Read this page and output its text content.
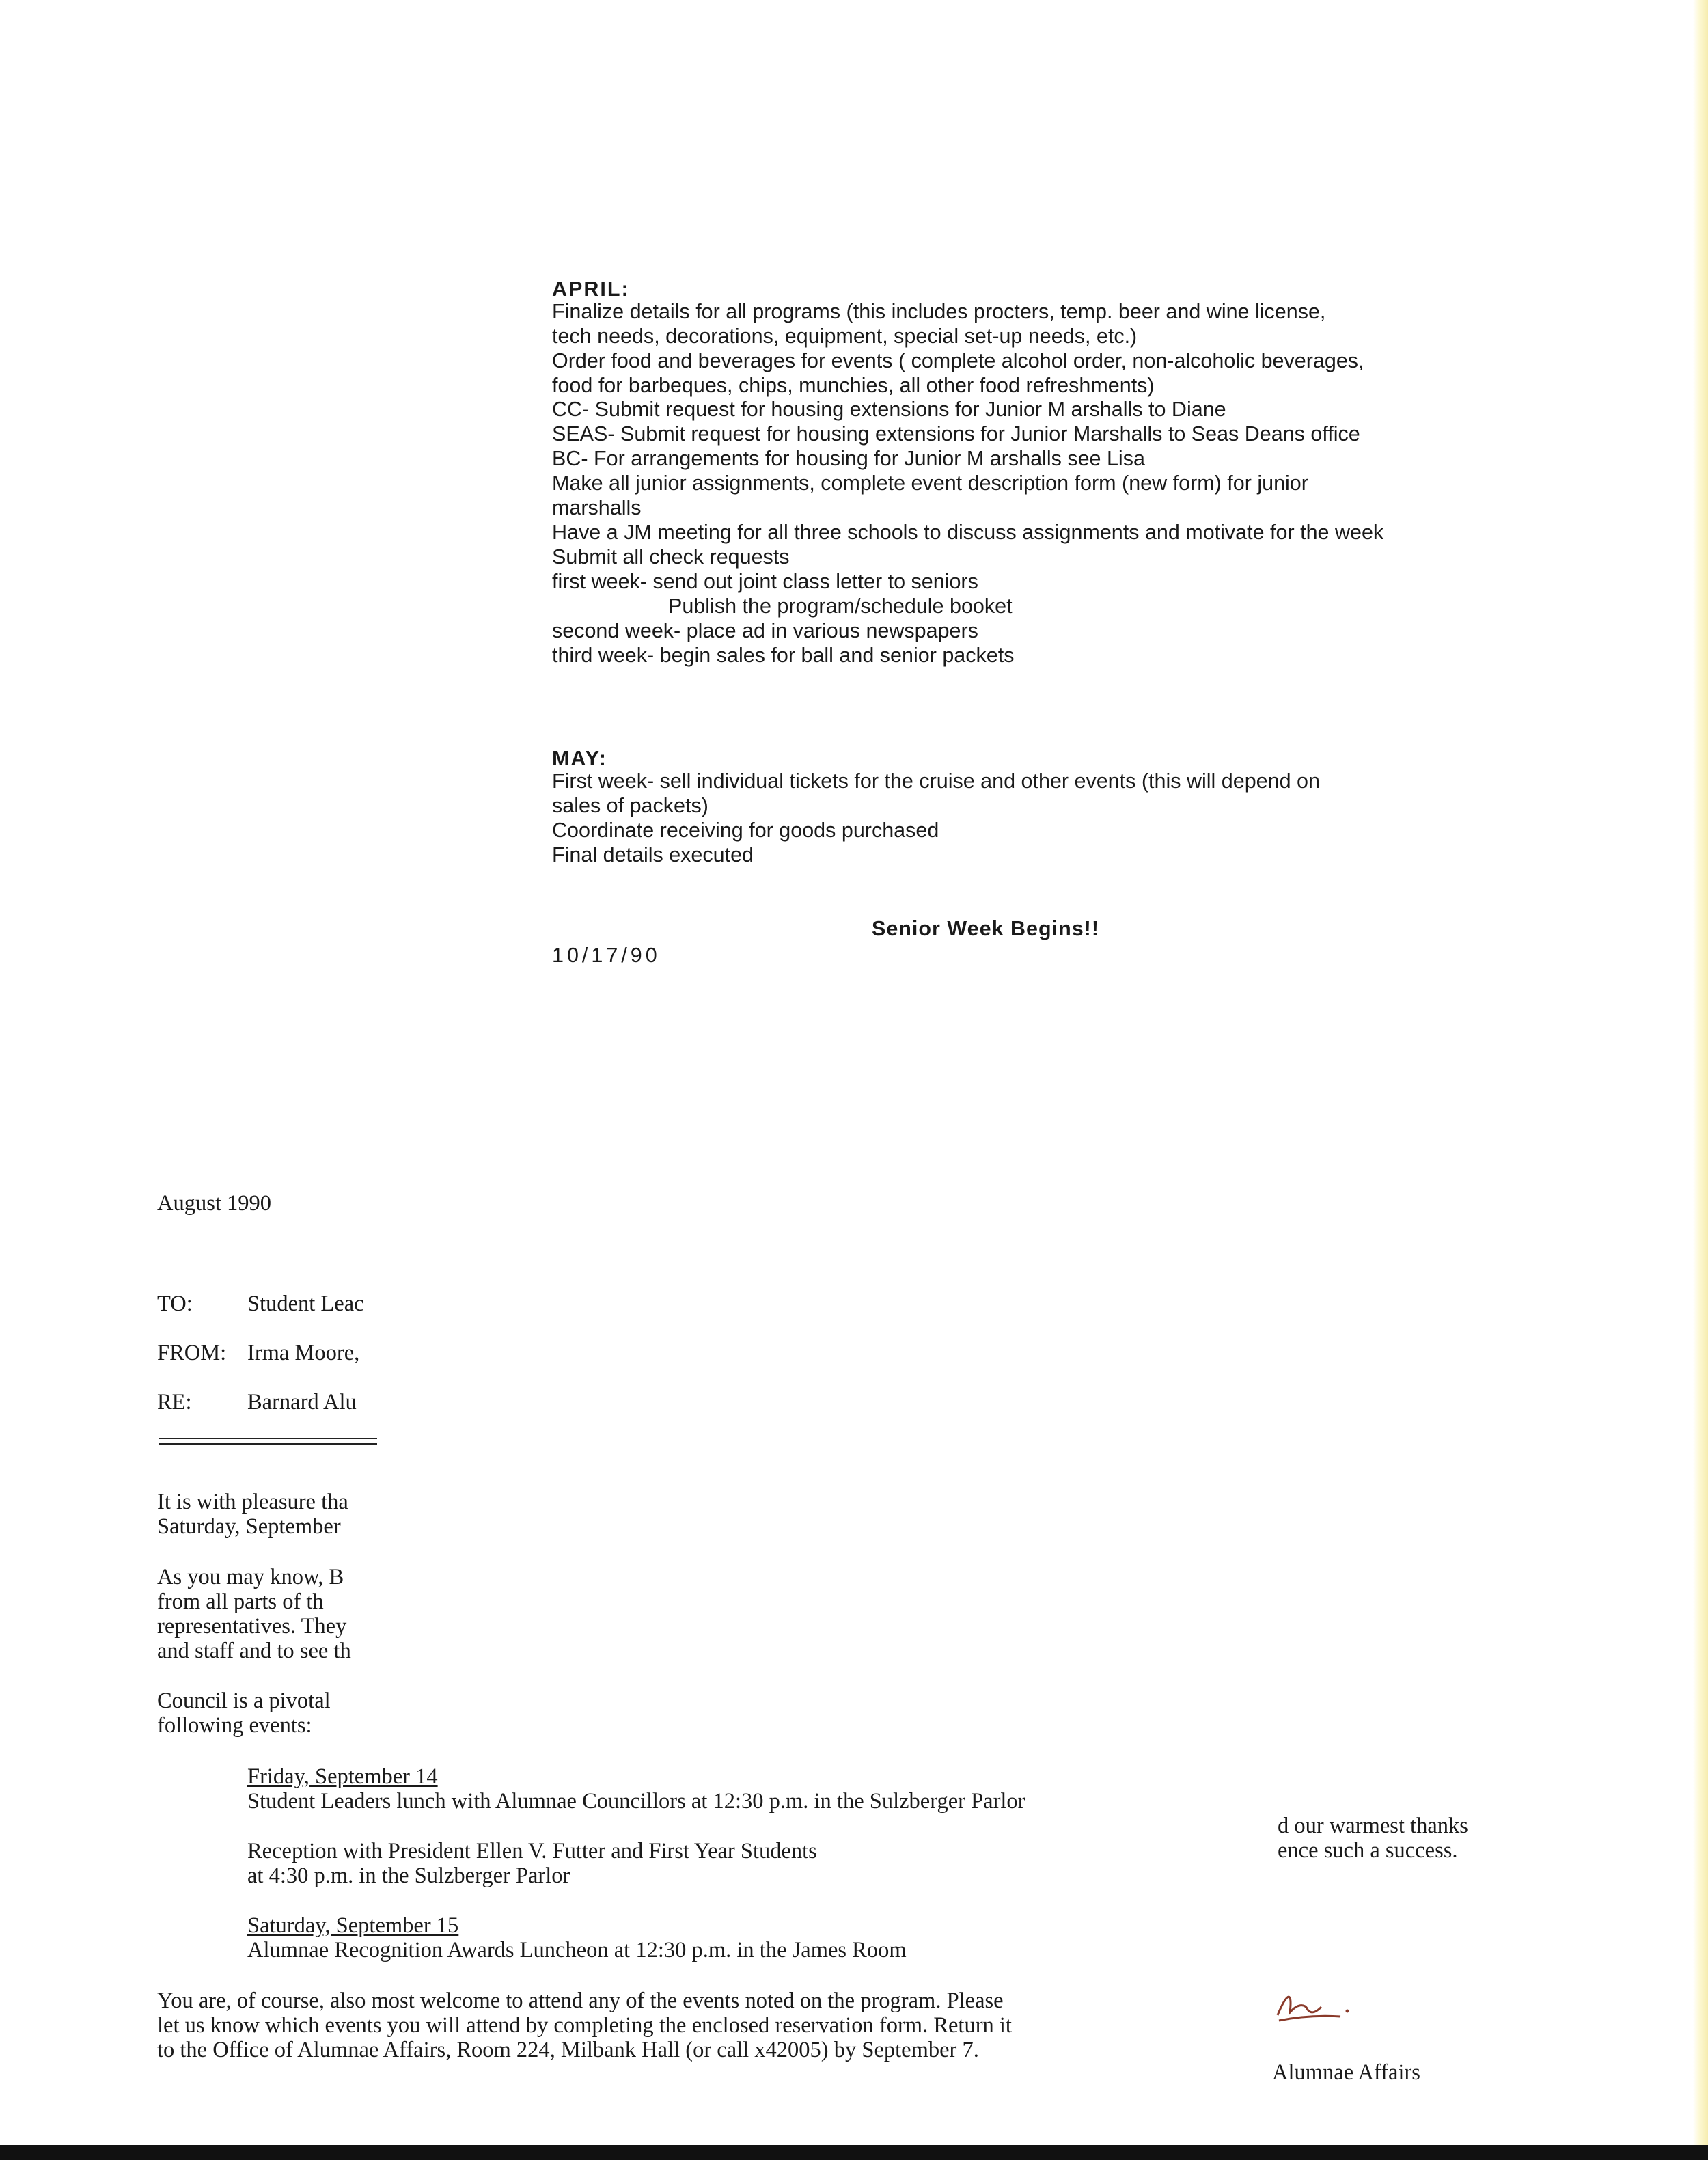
APRIL:
Finalize details for all programs (this includes procters, temp. beer and wine license,
tech needs, decorations, equipment, special set-up needs, etc.)
Order food and beverages for events ( complete alcohol order, non-alcoholic beverages,
food for barbeques, chips, munchies, all other food refreshments)
CC- Submit request for housing extensions for Junior M arshalls to Diane
SEAS- Submit request for housing extensions for Junior Marshalls to Seas Deans office
BC- For arrangements for housing for Junior M arshalls see Lisa
Make all junior assignments, complete event description form (new form) for junior
marshalls
Have a JM meeting for all three schools to discuss assignments and motivate for the week
Submit all check requests
first week- send out joint class letter to seniors
Publish the program/schedule booket
second week- place ad in various newspapers
third week- begin sales for ball and senior packets
MAY:
First week- sell individual tickets for the cruise and other events (this will depend on
sales of packets)
Coordinate receiving for goods purchased
Final details executed
Senior Week Begins!!
10/17/90
August 1990
TO: Student Leac
FROM: Irma Moore,
RE:	Barnard Alu
It is with pleasure tha
Saturday, September
As you may know, B
from all parts of th
representatives. They
and staff and to see th
Council is a pivotal
following events:
Friday, September 14
Student Leaders lunch with Alumnae Councillors at 12:30 p.m. in the Sulzberger Parlor
Reception with President Ellen V. Futter and First Year Students
at 4:30 p.m. in the Sulzberger Parlor
Saturday, September 15
Alumnae Recognition Awards Luncheon at 12:30 p.m. in the James Room
You are, of course, also most welcome to attend any of the events noted on the program. Please
let us know which events you will attend by completing the enclosed reservation form. Return it
to the Office of Alumnae Affairs, Room 224, Milbank Hall (or call x42005) by September 7.
d our warmest thanks
ence such a success.
Alumnae Affairs
